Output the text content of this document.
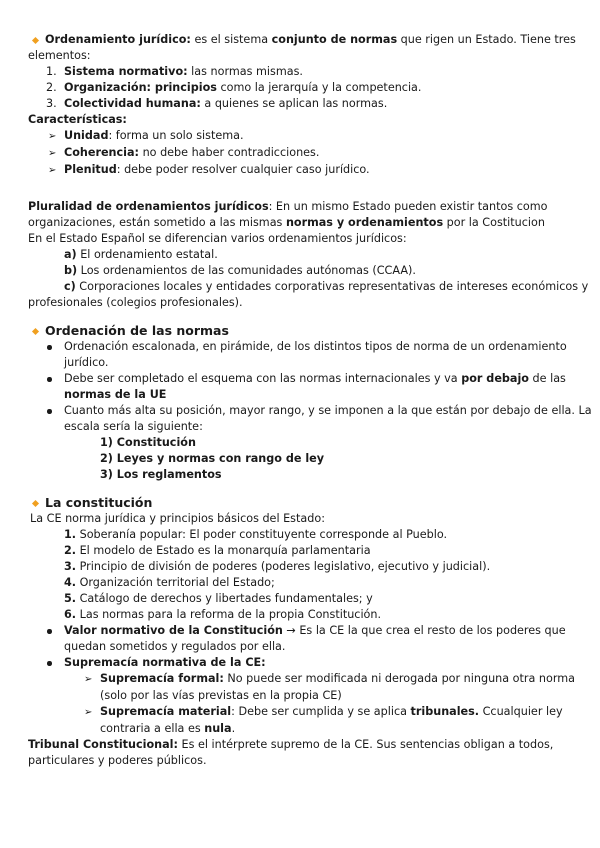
Ordenamiento jurídico: es el sistema conjunto de normas que rigen un Estado. Tiene tres
elementos:
1. Sistema normativo: las normas mismas.
2. Organización: principios como la jerarquía y la competencia.
3. Colectividad humana: a quienes se aplican las normas.
Características:
➢ Unidad: forma un solo sistema.
➢ Coherencia: no debe haber contradicciones.
➢ Plenitud: debe poder resolver cualquier caso jurídico.
Pluralidad de ordenamientos jurídicos: En un mismo Estado pueden existir tantos como
organizaciones, están sometido a las mismas normas y ordenamientos por la Costitucion
En el Estado Español se diferencian varios ordenamientos jurídicos:
a) El ordenamiento estatal.
b) Los ordenamientos de las comunidades autónomas (CCAA).
c) Corporaciones locales y entidades corporativas representativas de intereses económicos y
profesionales (colegios profesionales).
Ordenación de las normas
Ordenación escalonada, en pirámide, de los distintos tipos de norma de un ordenamiento
jurídico.
Debe ser completado el esquema con las normas internacionales y va por debajo de las
normas de la UE
Cuanto más alta su posición, mayor rango, y se imponen a la que están por debajo de ella. La
escala sería la siguiente:
1) Constitución
2) Leyes y normas con rango de ley
3) Los reglamentos
La constitución
La CE norma jurídica y principios básicos del Estado:
1. Soberanía popular: El poder constituyente corresponde al Pueblo.
2. El modelo de Estado es la monarquía parlamentaria
3. Principio de división de poderes (poderes legislativo, ejecutivo y judicial).
4. Organización territorial del Estado;
5. Catálogo de derechos y libertades fundamentales; y
6. Las normas para la reforma de la propia Constitución.
Valor normativo de la Constitución → Es la CE la que crea el resto de los poderes que
quedan sometidos y regulados por ella.
Supremacía normativa de la CE:
➢ Supremacía formal: No puede ser modificada ni derogada por ninguna otra norma
(solo por las vías previstas en la propia CE)
➢ Supremacía material: Debe ser cumplida y se aplica tribunales. Ccualquier ley
contraria a ella es nula.
Tribunal Constitucional: Es el intérprete supremo de la CE. Sus sentencias obligan a todos,
particulares y poderes públicos.
